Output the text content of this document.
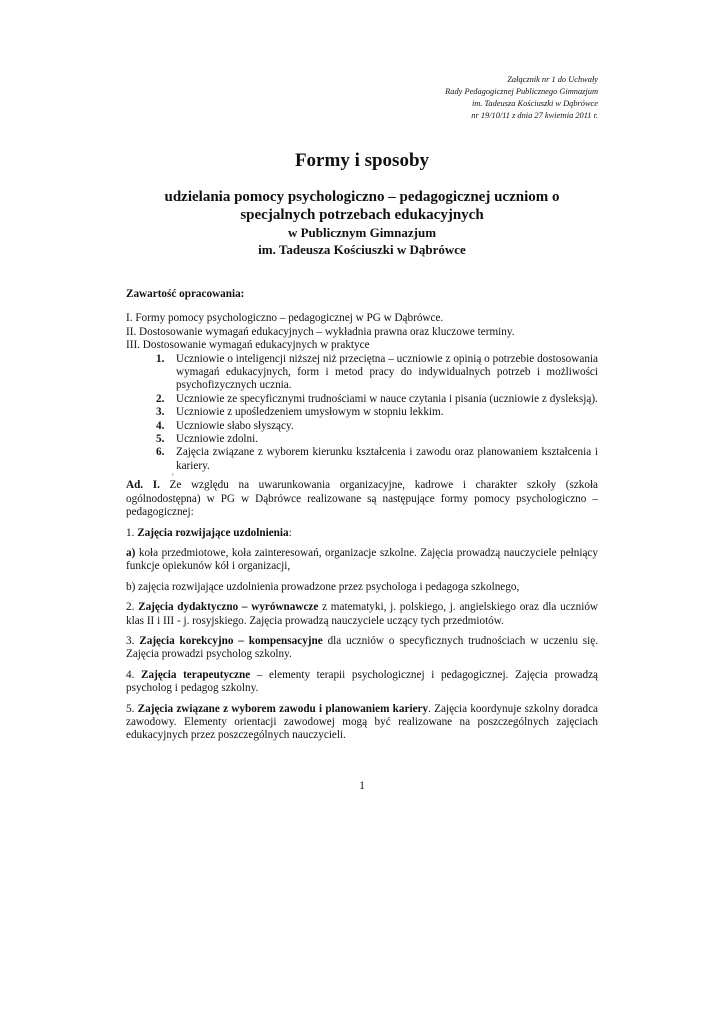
Załącznik nr 1 do Uchwały
Rady Pedagogicznej Publicznego Gimnazjum
im. Tadeusza Kościuszki w Dąbrówce
nr 19/10/11 z dnia 27 kwietnia 2011 r.
Formy i sposoby
udzielania pomocy psychologiczno – pedagogicznej uczniom o
specjalnych potrzebach edukacyjnych
w Publicznym Gimnazjum
im. Tadeusza Kościuszki w Dąbrówce

Zawartość opracowania:

I. Formy pomocy psychologiczno – pedagogicznej w PG w Dąbrówce.

II. Dostosowanie wymagań edukacyjnych – wykładnia prawna oraz kluczowe terminy.

III. Dostosowanie wymagań edukacyjnych w praktyce

1.	Uczniowie o inteligencji niższej niż przeciętna – uczniowie z opinią o potrzebie dostosowania wymagań edukacyjnych, form i metod pracy do indywidualnych potrzeb i możliwości psychofizycznych ucznia.
2.	Uczniowie ze specyficznymi trudnościami w nauce czytania i pisania (uczniowie z dysleksją).
3.	Uczniowie z upośledzeniem umysłowym w stopniu lekkim.
4.	Uczniowie słabo słyszący.
5.	Uczniowie zdolni.
6.	Zajęcia związane z wyborem kierunku kształcenia i zawodu oraz planowaniem kształcenia i kariery.
¹

Ad. I. Ze względu na uwarunkowania organizacyjne, kadrowe i charakter szkoły (szkoła ogólnodostępna) w PG w Dąbrówce realizowane są następujące formy pomocy psychologiczno – pedagogicznej:

1. Zajęcia rozwijające uzdolnienia:

a) koła przedmiotowe, koła zainteresowań, organizacje szkolne. Zajęcia prowadzą nauczyciele pełniący funkcje opiekunów kół i organizacji,

b) zajęcia rozwijające uzdolnienia prowadzone przez psychologa i pedagoga szkolnego,

2. Zajęcia dydaktyczno – wyrównawcze z matematyki, j. polskiego, j. angielskiego oraz dla uczniów klas II i III - j. rosyjskiego. Zajęcia prowadzą nauczyciele uczący tych przedmiotów.

3. Zajęcia korekcyjno – kompensacyjne dla uczniów o specyficznych trudnościach w uczeniu się. Zajęcia prowadzi psycholog szkolny.

4. Zajęcia terapeutyczne – elementy terapii psychologicznej i pedagogicznej. Zajęcia prowadzą psycholog i pedagog szkolny.

5. Zajęcia związane z wyborem zawodu i planowaniem kariery. Zajęcia koordynuje szkolny doradca zawodowy. Elementy orientacji zawodowej mogą być realizowane na poszczególnych zajęciach edukacyjnych przez poszczególnych nauczycieli.

1
